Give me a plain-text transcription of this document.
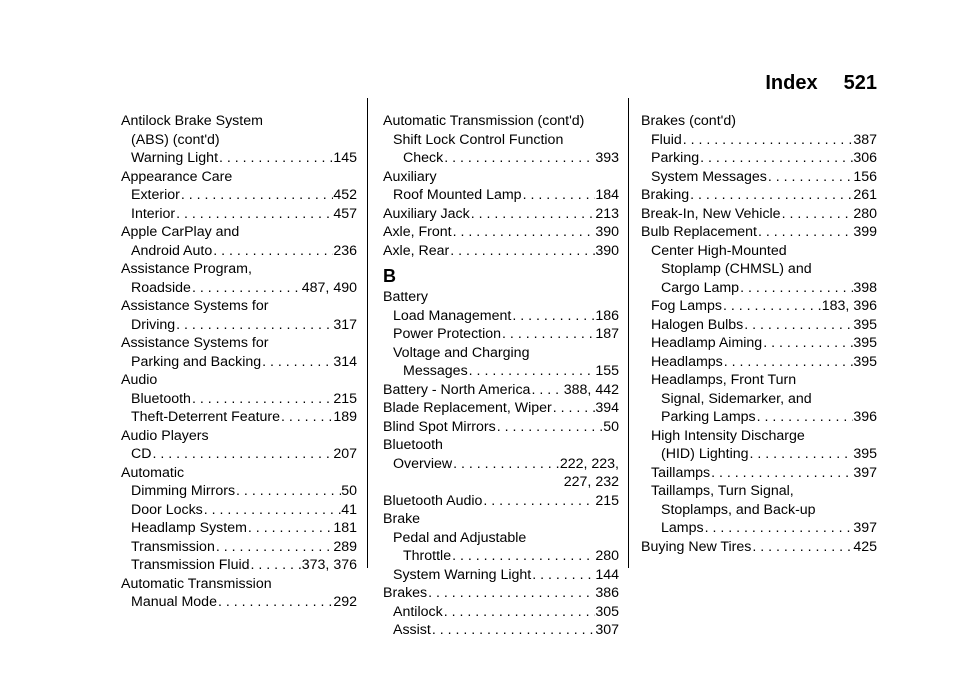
Index 521
Antilock Brake System
(ABS) (cont'd)
Warning Light . . .	145
Appearance Care
Exterior . . .	452
Interior . . .	457
Apple CarPlay and
Android Auto . . .	236
Assistance Program,
Roadside . . .	487, 490
Assistance Systems for
Driving . . .	317
Assistance Systems for
Parking and Backing . . .	314
Audio
Bluetooth . . .	215
Theft-Deterrent Feature . . .	189
Audio Players
CD . . .	207
Automatic
Dimming Mirrors . . .	50
Door Locks . . .	41
Headlamp System . . .	181
Transmission . . .	289
Transmission Fluid . . .	373, 376
Automatic Transmission
Manual Mode . . .	292
Automatic Transmission (cont'd)
Shift Lock Control Function
Check . . .	393
Auxiliary
Roof Mounted Lamp . . .	184
Auxiliary Jack . . .	213
Axle, Front . . .	390
Axle, Rear . . .	390
B
Battery
Load Management . . .	186
Power Protection . . .	187
Voltage and Charging
Messages . . .	155
Battery - North America . . . 388, 442
Blade Replacement, Wiper . . .	394
Blind Spot Mirrors . . .	50
Bluetooth
Overview . . .	222, 223,
227, 232
Bluetooth Audio . . .	215
Brake
Pedal and Adjustable
Throttle . . .	280
System Warning Light . . .	144
Brakes . . .	386
Antilock . . .	305
Assist . . .	307
Brakes (cont'd)
Fluid . . .	387
Parking . . .	306
System Messages . . .	156
Braking . . .	261
Break-In, New Vehicle . . .	280
Bulb Replacement . . .	399
Center High-Mounted
Stoplamp (CHMSL) and
Cargo Lamp . . .	398
Fog Lamps . . .	183, 396
Halogen Bulbs . . .	395
Headlamp Aiming . . .	395
Headlamps . . .	395
Headlamps, Front Turn
Signal, Sidemarker, and
Parking Lamps . . .	396
High Intensity Discharge
(HID) Lighting . . .	395
Taillamps . . .	397
Taillamps, Turn Signal,
Stoplamps, and Back-up
Lamps . . .	397
Buying New Tires . . .	425
